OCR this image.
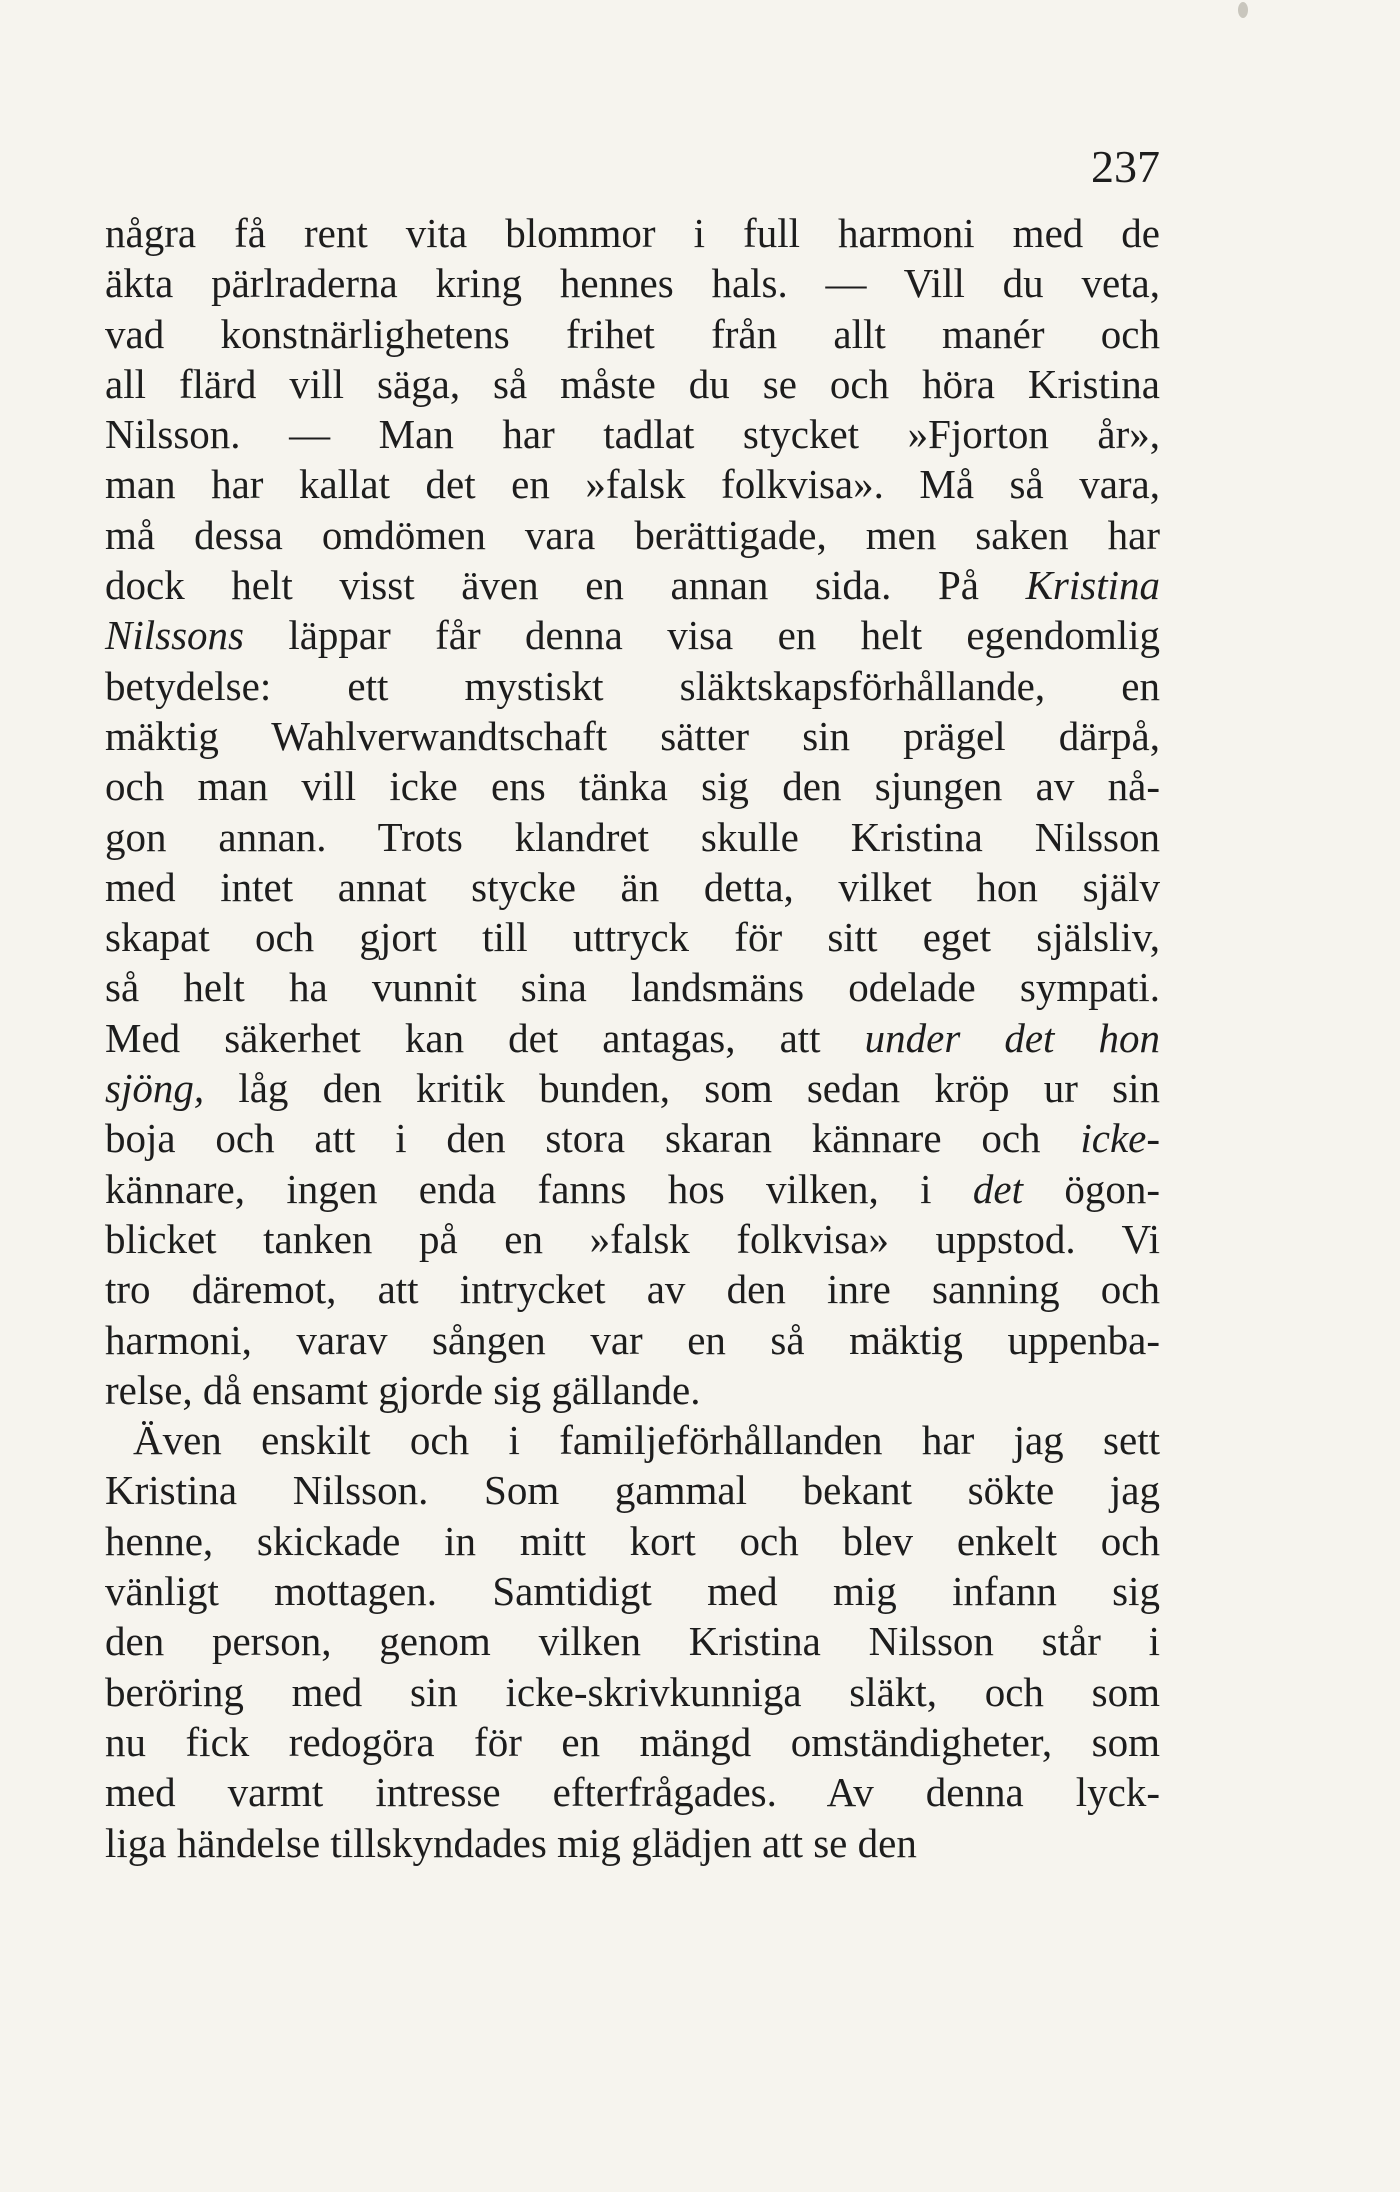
237
några få rent vita blommor i full harmoni med de
äkta pärlraderna kring hennes hals. — Vill du veta,
vad konstnärlighetens frihet från allt manér och
all flärd vill säga, så måste du se och höra Kristina
Nilsson. — Man har tadlat stycket »Fjorton år»,
man har kallat det en »falsk folkvisa». Må så vara,
må dessa omdömen vara berättigade, men saken har
dock helt visst även en annan sida. På Kristina
Nilssons läppar får denna visa en helt egendomlig
betydelse: ett mystiskt släktskapsförhållande, en
mäktig Wahlverwandtschaft sätter sin prägel därpå,
och man vill icke ens tänka sig den sjungen av nå-
gon annan. Trots klandret skulle Kristina Nilsson
med intet annat stycke än detta, vilket hon själv
skapat och gjort till uttryck för sitt eget själsliv,
så helt ha vunnit sina landsmäns odelade sympati.
Med säkerhet kan det antagas, att under det hon
sjöng, låg den kritik bunden, som sedan kröp ur sin
boja och att i den stora skaran kännare och icke-
kännare, ingen enda fanns hos vilken, i det ögon-
blicket tanken på en »falsk folkvisa» uppstod. Vi
tro däremot, att intrycket av den inre sanning och
harmoni, varav sången var en så mäktig uppenba-
relse, då ensamt gjorde sig gällande.
Även enskilt och i familjeförhållanden har jag sett
Kristina Nilsson. Som gammal bekant sökte jag
henne, skickade in mitt kort och blev enkelt och
vänligt mottagen. Samtidigt med mig infann sig
den person, genom vilken Kristina Nilsson står i
beröring med sin icke-skrivkunniga släkt, och som
nu fick redogöra för en mängd omständigheter, som
med varmt intresse efterfrågades. Av denna lyck-
liga händelse tillskyndades mig glädjen att se den
